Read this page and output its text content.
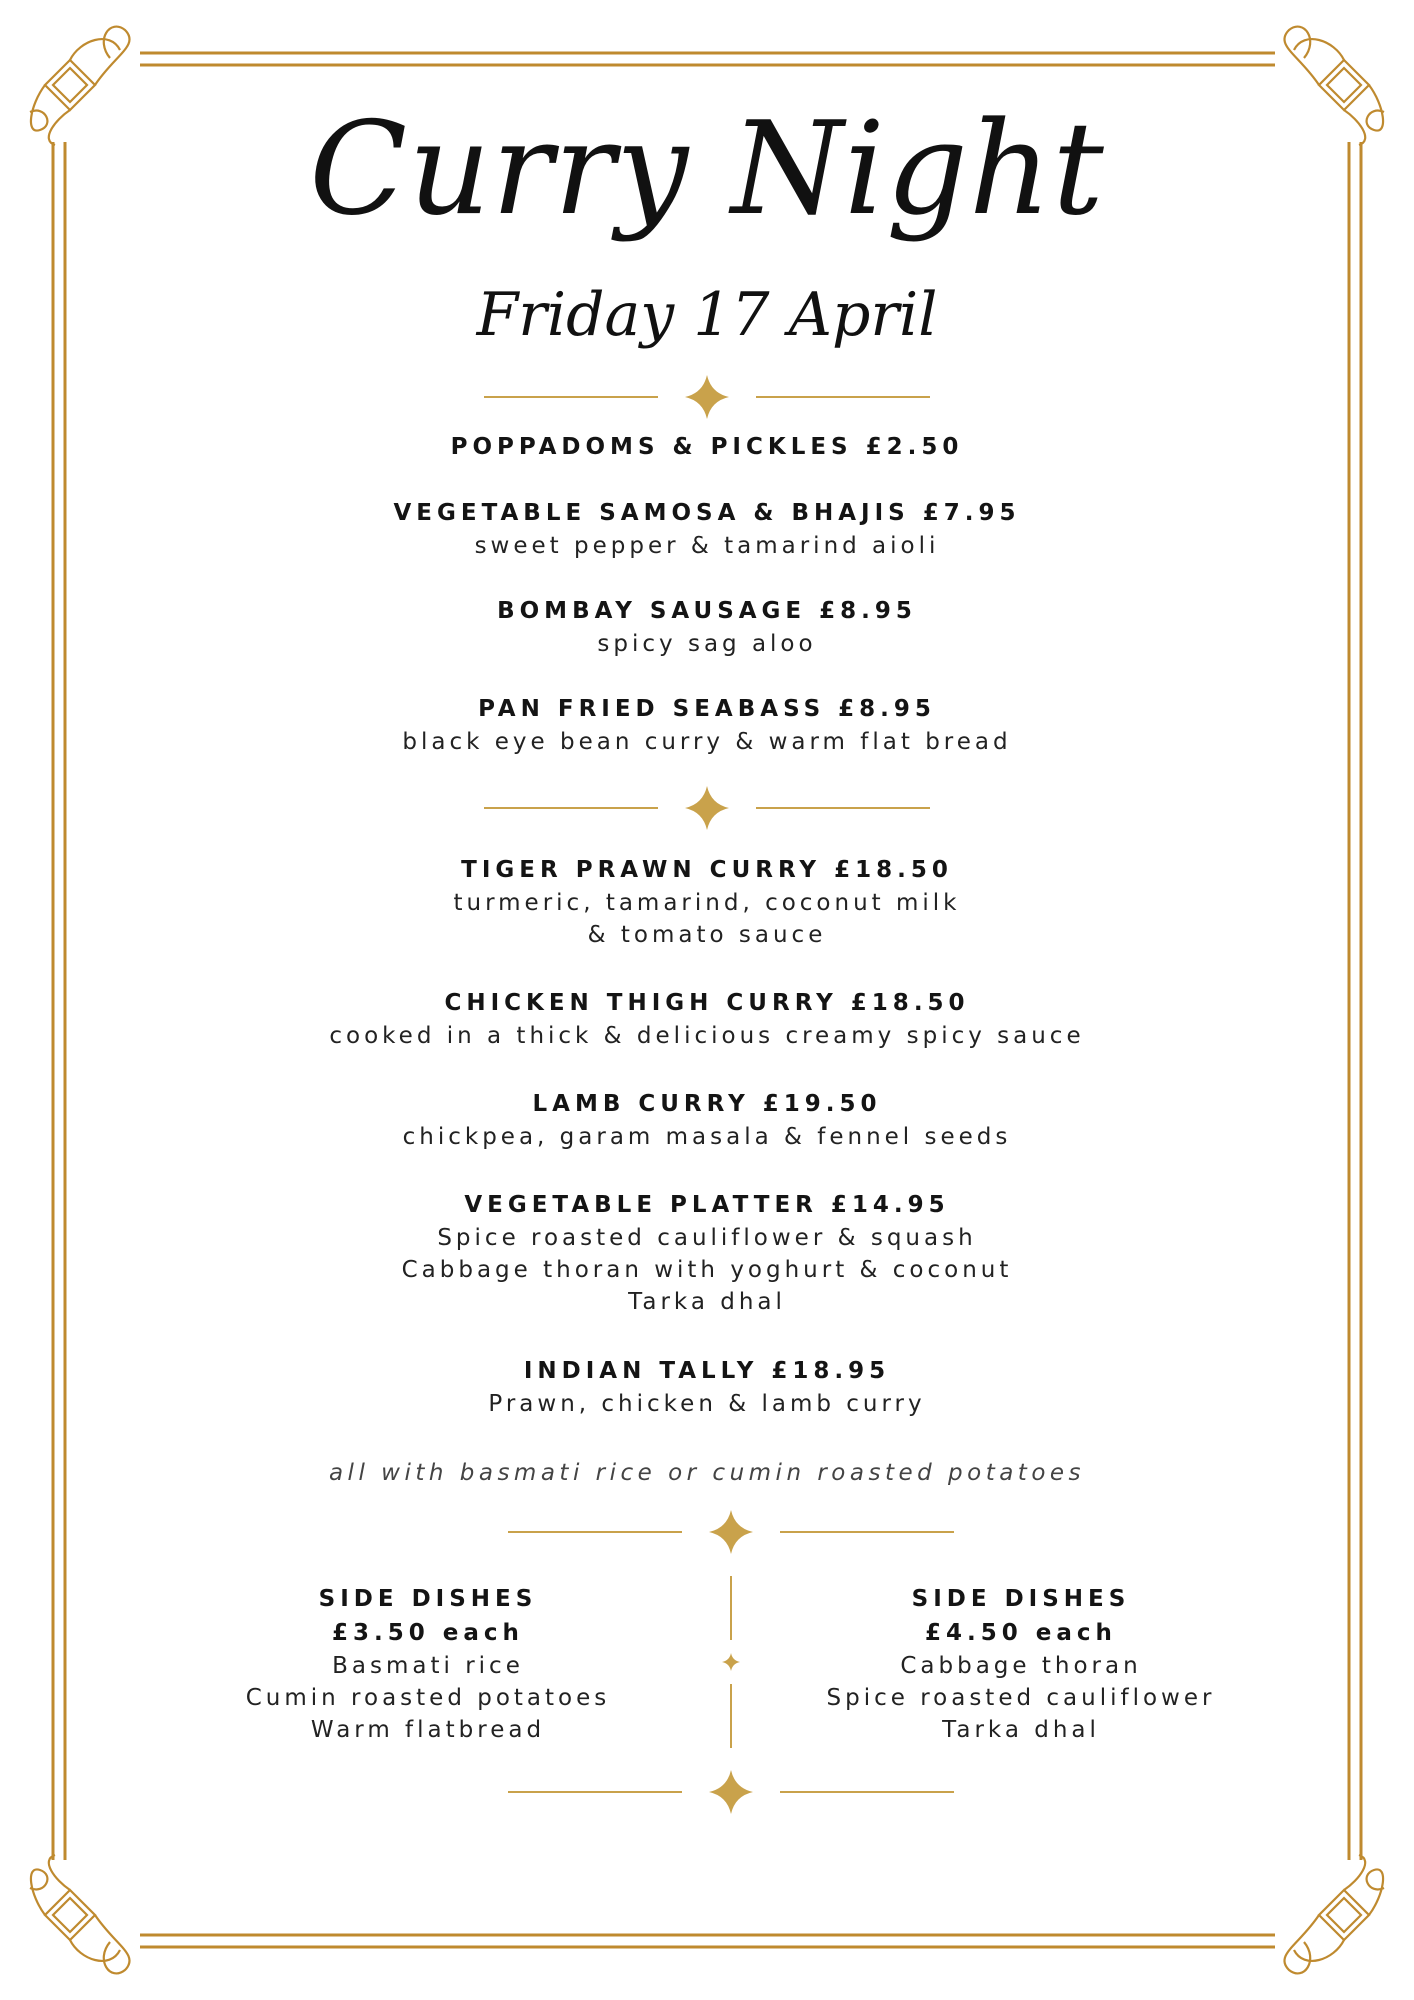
Curry Night
Friday 17 April
POPPADOMS & PICKLES £2.50
VEGETABLE SAMOSA & BHAJIS £7.95
sweet pepper & tamarind aioli
BOMBAY SAUSAGE £8.95
spicy sag aloo
PAN FRIED SEABASS £8.95
black eye bean curry & warm flat bread
TIGER PRAWN CURRY £18.50
turmeric, tamarind, coconut milk
& tomato sauce
CHICKEN THIGH CURRY £18.50
cooked in a thick & delicious creamy spicy sauce
LAMB CURRY £19.50
chickpea, garam masala & fennel seeds
VEGETABLE PLATTER £14.95
Spice roasted cauliflower & squash
Cabbage thoran with yoghurt & coconut
Tarka dhal
INDIAN TALLY £18.95
Prawn, chicken & lamb curry
all with basmati rice or cumin roasted potatoes
SIDE DISHES
£3.50 each
Basmati rice
Cumin roasted potatoes
Warm flatbread
SIDE DISHES
£4.50 each
Cabbage thoran
Spice roasted cauliflower
Tarka dhal
